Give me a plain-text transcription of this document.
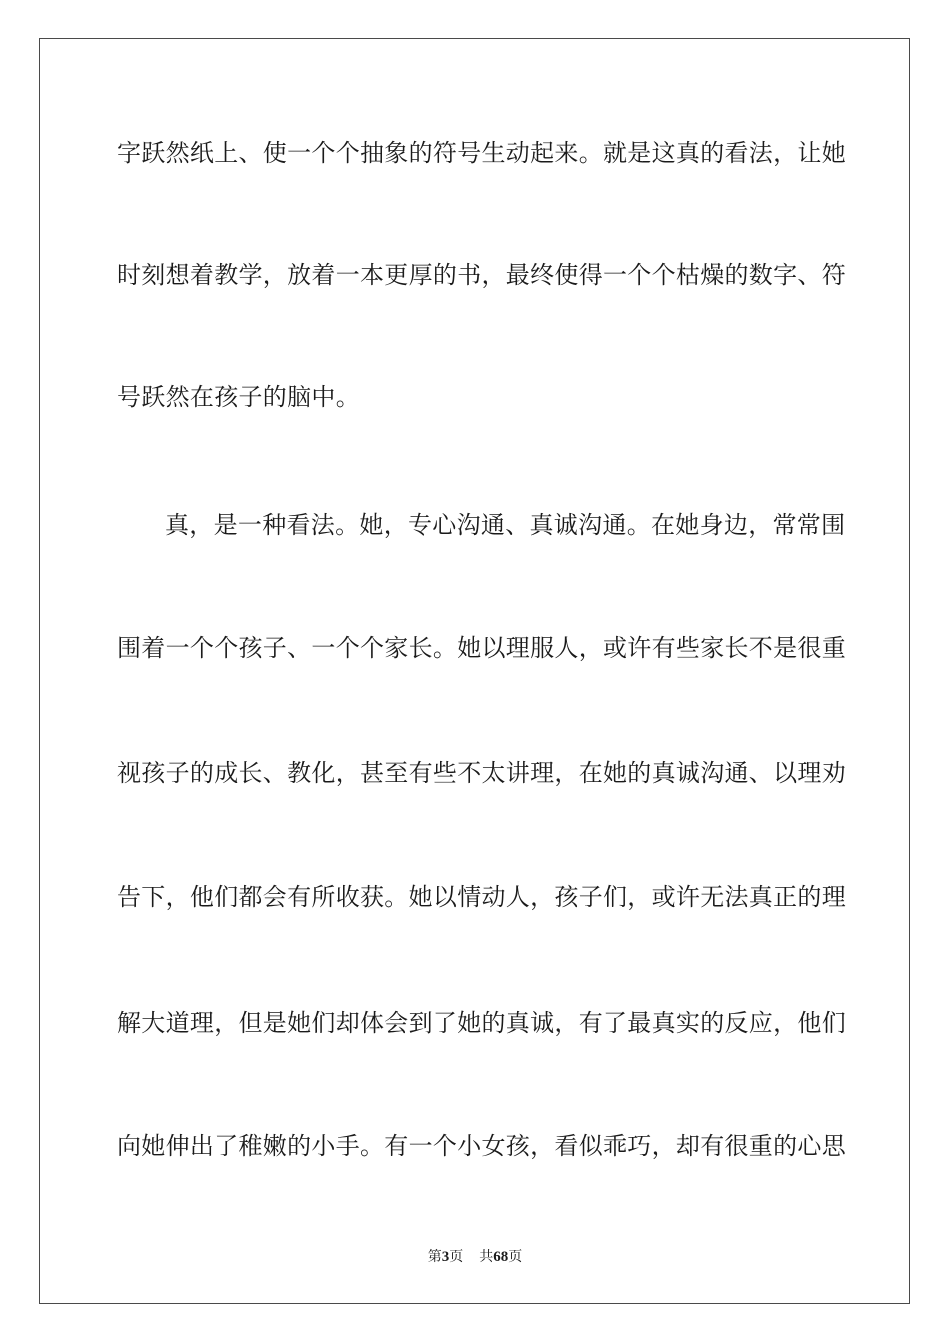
字跃然纸上、使一个个抽象的符号生动起来。就是这真的看法，让她
时刻想着教学，放着一本更厚的书，最终使得一个个枯燥的数字、符
号跃然在孩子的脑中。
真，是一种看法。她，专心沟通、真诚沟通。在她身边，常常围
围着一个个孩子、一个个家长。她以理服人，或许有些家长不是很重
视孩子的成长、教化，甚至有些不太讲理，在她的真诚沟通、以理劝
告下，他们都会有所收获。她以情动人，孩子们，或许无法真正的理
解大道理，但是她们却体会到了她的真诚，有了最真实的反应，他们
向她伸出了稚嫩的小手。有一个小女孩，看似乖巧，却有很重的心思
第3页 共68页
